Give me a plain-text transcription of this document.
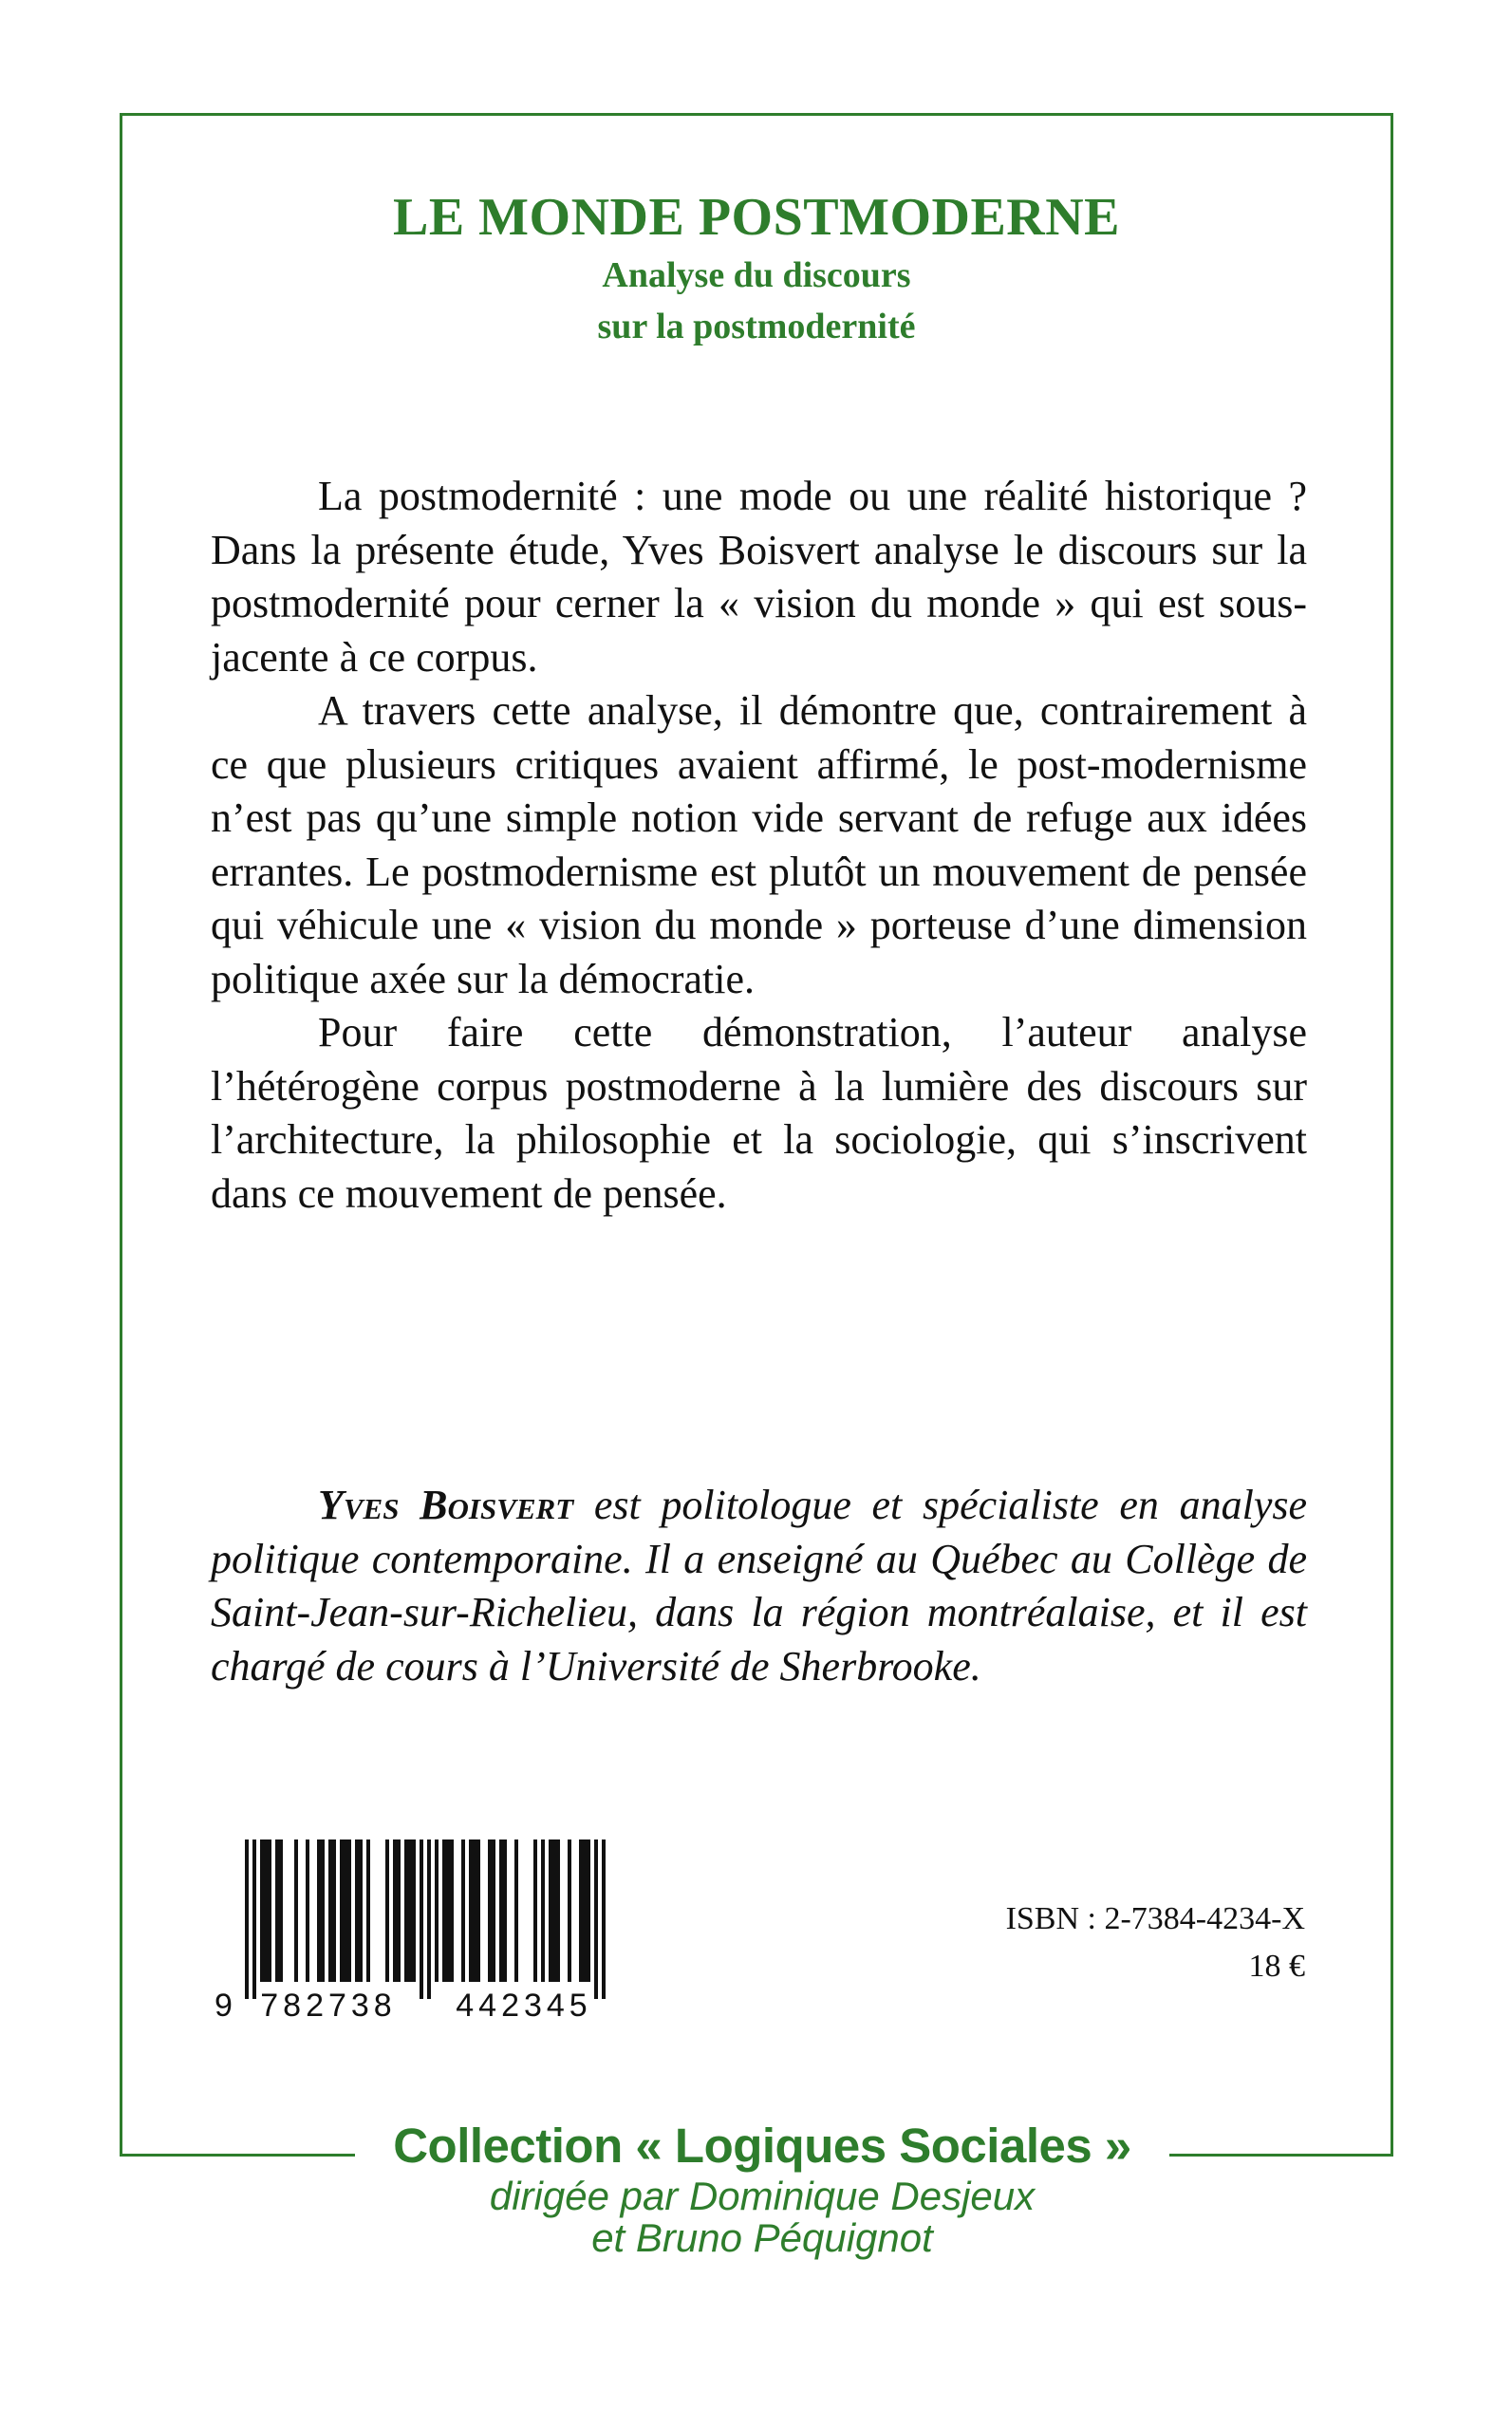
LE MONDE POSTMODERNE
Analyse du discours
sur la postmodernité

La postmodernité : une mode ou une réalité historique ? Dans la présente étude, Yves Boisvert analyse le discours sur la postmodernité pour cerner la « vision du monde » qui est sous-jacente à ce corpus.

A travers cette analyse, il démontre que, contrairement à ce que plusieurs critiques avaient affirmé, le post-modernisme n’est pas qu’une simple notion vide servant de refuge aux idées errantes. Le postmodernisme est plutôt un mouvement de pensée qui véhicule une « vision du monde » porteuse d’une dimension politique axée sur la démocratie.

Pour faire cette démonstration, l’auteur analyse l’hétérogène corpus postmoderne à la lumière des discours sur l’architecture, la philosophie et la sociologie, qui s’inscrivent dans ce mouvement de pensée.

Yves Boisvert est politologue et spécialiste en analyse politique contemporaine. Il a enseigné au Québec au Collège de Saint-Jean-sur-Richelieu, dans la région montréalaise, et il est chargé de cours à l’Université de Sherbrooke.

9 782738 442345
ISBN : 2-7384-4234-X
18 €
Collection « Logiques Sociales »
dirigée par Dominique Desjeux
et Bruno Péquignot
